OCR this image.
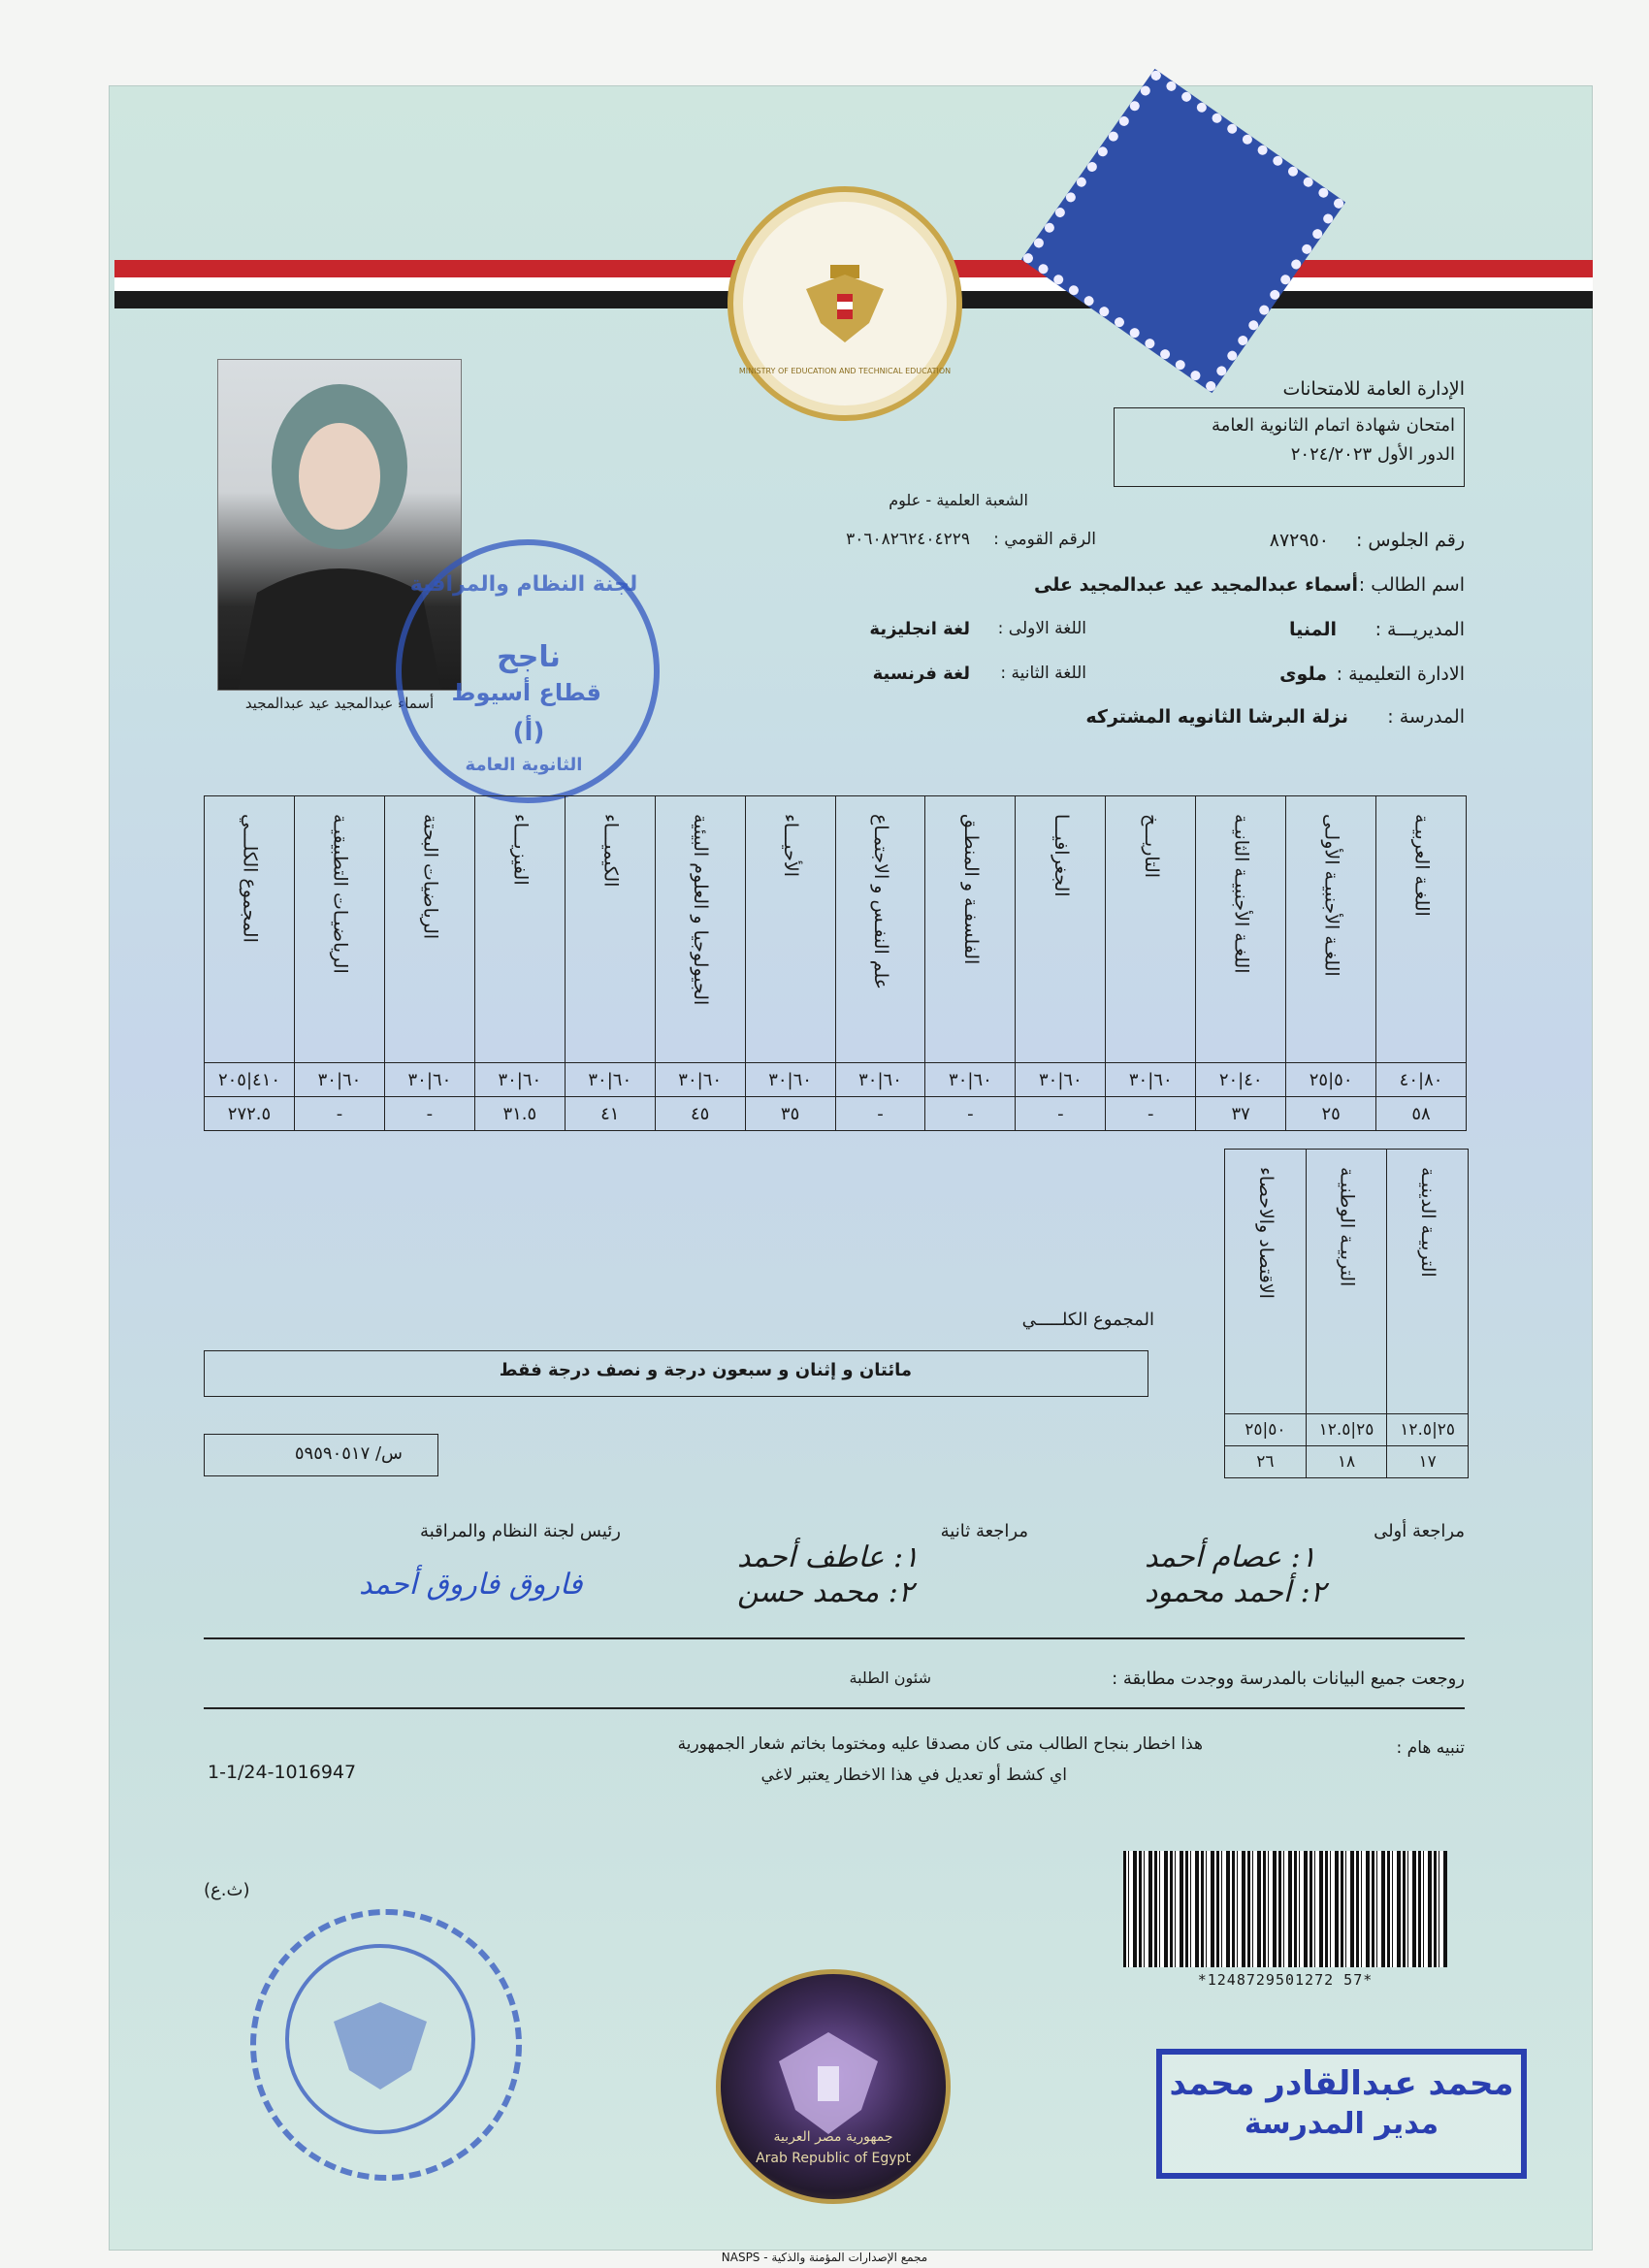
MINISTRY OF EDUCATION AND TECHNICAL EDUCATION
الإدارة العامة للامتحانات
امتحان شهادة اتمام الثانوية العامة
الدور الأول ٢٠٢٤/٢٠٢٣
أسماء عبدالمجيد عيد عبدالمجيد
ناجح
قطاع أسيوط
(أ)
لجنة النظام والمراقبة
الثانوية العامة
الشعبة العلمية - علوم
رقم الجلوس :
٨٧٢٩٥٠
الرقم القومي :
٣٠٦٠٨٢٦٢٤٠٤٢٢٩
اسم الطالب :
أسماء عبدالمجيد عيد عبدالمجيد على
المديريـــة :
المنيا
اللغة الاولى :
لغة انجليزية
الادارة التعليمية :
ملوى
اللغة الثانية :
لغة فرنسية
المدرسة :
نزلة البرشا الثانويه المشتركه
اللغـة العربيـة	اللغـة الأجنبيـة الأولـى	اللغـة الأجنبيـة الثانيـة	التاريـــخ	الجغرافيـــا	الفلسفـة و المنطـق	علم النفـس و الاجتمـاع	الأحيـــاء	الجيولوجيا و العلوم البيئية	الكيميـــاء	الفيزيـــاء	الرياضيات البحتة	الرياضيـات التطبيقيـة	المجموع الكلـــي

٨٠|٤٠	٥٠|٢٥	٤٠|٢٠	٦٠|٣٠	٦٠|٣٠	٦٠|٣٠	٦٠|٣٠	٦٠|٣٠	٦٠|٣٠	٦٠|٣٠	٦٠|٣٠	٦٠|٣٠	٦٠|٣٠	٤١٠|٢٠٥
٥٨	٢٥	٣٧	-	-	-	-	٣٥	٤٥	٤١	٣١.٥	-	-	٢٧٢.٥
التربيـة الدينيـة	التربيـة الوطنيـة	الاقتصاد والاحصاء

٢٥|١٢.٥	٢٥|١٢.٥	٥٠|٢٥
١٧	١٨	٢٦
المجموع الكلـــــي
مائتان و إثنان و سبعون درجة و نصف درجة فقط
س/ ٥٩٥٩٠٥١٧
مراجعة أولى
مراجعة ثانية
رئيس لجنة النظام والمراقبة
١: عصام أحمد
٢: أحمد محمود
١: عاطف أحمد
٢: محمد حسن
فاروق فاروق أحمد
روجعت جميع البيانات بالمدرسة ووجدت مطابقة :
شئون الطلبة
تنبيه هام :
هذا اخطار بنجاح الطالب متى كان مصدقا عليه ومختوما بخاتم شعار الجمهورية
اي كشط أو تعديل في هذا الاخطار يعتبر لاغي
1-1/24-1016947
(ث.ع)
*1248729501272 57*
Arab Republic of Egypt
جمهورية مصر العربية
محمد عبدالقادر محمد
مدير المدرسة
مجمع الإصدارات المؤمنة والذكية - NASPS
